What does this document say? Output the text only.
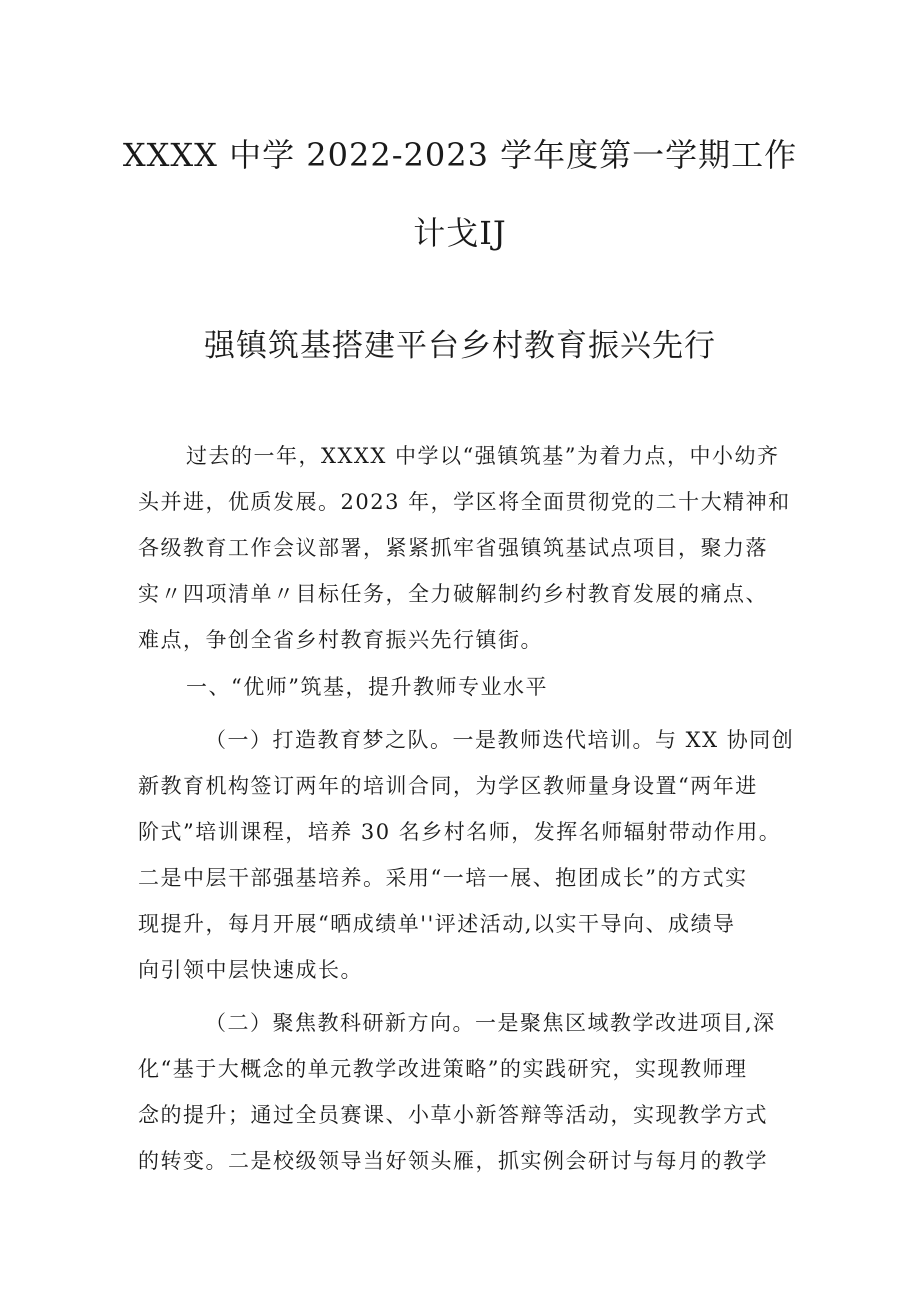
XXXX 中学 2022-2023 学年度第一学期工作
计戈IJ
强镇筑基搭建平台乡村教育振兴先行
过去的一年，XXXX 中学以“强镇筑基”为着力点，中小幼齐
头并进，优质发展。2023 年，学区将全面贯彻党的二十大精神和
各级教育工作会议部署，紧紧抓牢省强镇筑基试点项目，聚力落
实〃四项清单〃目标任务，全力破解制约乡村教育发展的痛点、
难点，争创全省乡村教育振兴先行镇街。
一、“优师”筑基，提升教师专业水平
（一）打造教育梦之队。一是教师迭代培训。与 XX 协同创
新教育机构签订两年的培训合同，为学区教师量身设置“两年进
阶式”培训课程，培养 30 名乡村名师，发挥名师辐射带动作用。
二是中层干部强基培养。采用“一培一展、抱团成长”的方式实
现提升，每月开展“晒成绩单''评述活动,以实干导向、成绩导
向引领中层快速成长。
（二）聚焦教科研新方向。一是聚焦区域教学改进项目,深
化“基于大概念的单元教学改进策略”的实践研究，实现教师理
念的提升；通过全员赛课、小草小新答辩等活动，实现教学方式
的转变。二是校级领导当好领头雁，抓实例会研讨与每月的教学
